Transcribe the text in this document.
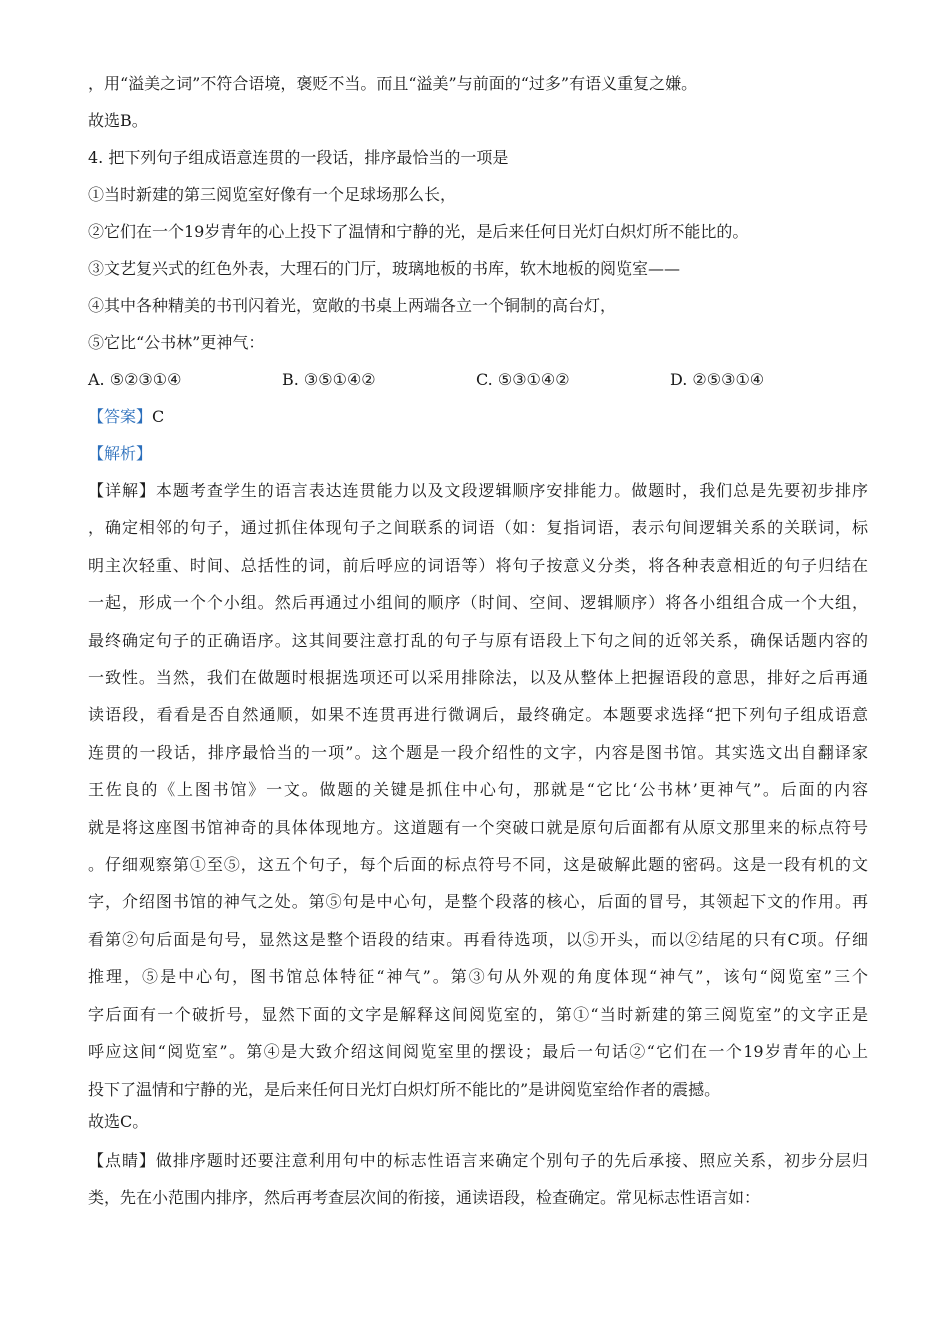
，用“溢美之词”不符合语境，褒贬不当。而且“溢美”与前面的“过多”有语义重复之嫌。

故选B。

4. 把下列句子组成语意连贯的一段话，排序最恰当的一项是

①当时新建的第三阅览室好像有一个足球场那么长，

②它们在一个19岁青年的心上投下了温情和宁静的光，是后来任何日光灯白炽灯所不能比的。

③文艺复兴式的红色外表，大理石的门厅，玻璃地板的书库，软木地板的阅览室——

④其中各种精美的书刊闪着光，宽敞的书桌上两端各立一个铜制的高台灯，

⑤它比“公书林”更神气：

A. ⑤②③①④	B. ③⑤①④②	C. ⑤③①④②	D. ②⑤③①④

【答案】C

【解析】

【详解】本题考查学生的语言表达连贯能力以及文段逻辑顺序安排能力。做题时，我们总是先要初步排序
，确定相邻的句子，通过抓住体现句子之间联系的词语（如：复指词语，表示句间逻辑关系的关联词，标
明主次轻重、时间、总括性的词，前后呼应的词语等）将句子按意义分类，将各种表意相近的句子归结在
一起，形成一个个小组。然后再通过小组间的顺序（时间、空间、逻辑顺序）将各小组组合成一个大组，
最终确定句子的正确语序。这其间要注意打乱的句子与原有语段上下句之间的近邻关系，确保话题内容的
一致性。当然，我们在做题时根据选项还可以采用排除法，以及从整体上把握语段的意思，排好之后再通
读语段，看看是否自然通顺，如果不连贯再进行微调后，最终确定。本题要求选择“把下列句子组成语意
连贯的一段话，排序最恰当的一项”。这个题是一段介绍性的文字，内容是图书馆。其实选文出自翻译家
王佐良的《上图书馆》一文。做题的关键是抓住中心句，那就是“它比‘公书林’更神气”。后面的内容
就是将这座图书馆神奇的具体体现地方。这道题有一个突破口就是原句后面都有从原文那里来的标点符号
。仔细观察第①至⑤，这五个句子，每个后面的标点符号不同，这是破解此题的密码。这是一段有机的文
字，介绍图书馆的神气之处。第⑤句是中心句，是整个段落的核心，后面的冒号，其领起下文的作用。再
看第②句后面是句号，显然这是整个语段的结束。再看待选项，以⑤开头，而以②结尾的只有C项。仔细
推理，⑤是中心句，图书馆总体特征“神气”。第③句从外观的角度体现“神气”，该句“阅览室”三个
字后面有一个破折号，显然下面的文字是解释这间阅览室的，第①“当时新建的第三阅览室”的文字正是
呼应这间“阅览室”。第④是大致介绍这间阅览室里的摆设；最后一句话②“它们在一个19岁青年的心上
投下了温情和宁静的光，是后来任何日光灯白炽灯所不能比的”是讲阅览室给作者的震撼。

故选C。

【点睛】做排序题时还要注意利用句中的标志性语言来确定个别句子的先后承接、照应关系，初步分层归
类，先在小范围内排序，然后再考查层次间的衔接，通读语段，检查确定。常见标志性语言如：
